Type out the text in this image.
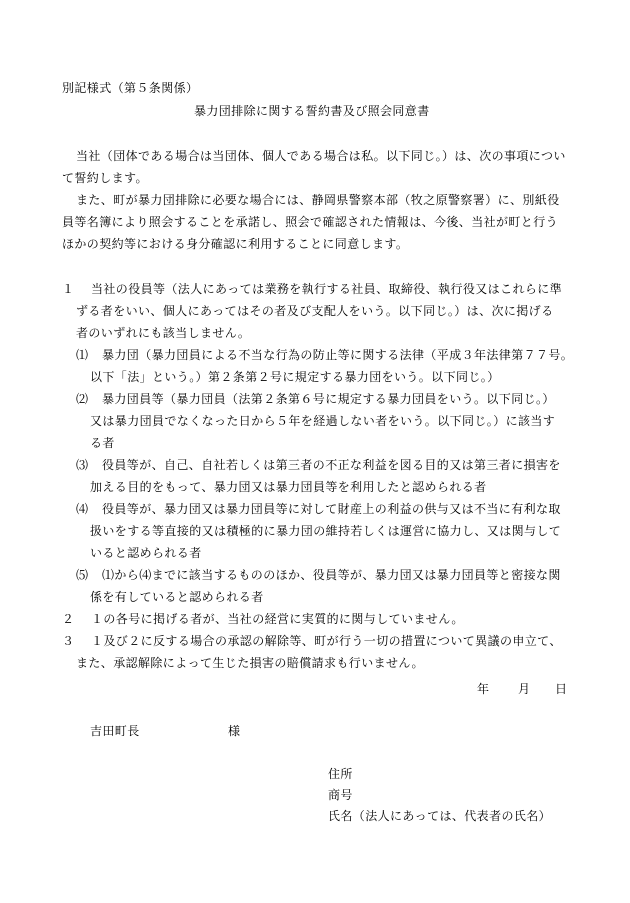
別記様式（第５条関係）
暴力団排除に関する誓約書及び照会同意書
当社（団体である場合は当団体、個人である場合は私。以下同じ。）は、次の事項につい
て誓約します。
また、町が暴力団排除に必要な場合には、静岡県警察本部（牧之原警察署）に、別紙役
員等名簿により照会することを承諾し、照会で確認された情報は、今後、当社が町と行う
ほかの契約等における身分確認に利用することに同意します。
１ 当社の役員等（法人にあっては業務を執行する社員、取締役、執行役又はこれらに準
ずる者をいい、個人にあってはその者及び支配人をいう。以下同じ。）は、次に掲げる
者のいずれにも該当しません。
⑴ 暴力団（暴力団員による不当な行為の防止等に関する法律（平成３年法律第７７号。
以下「法」という。）第２条第２号に規定する暴力団をいう。以下同じ。）
⑵ 暴力団員等（暴力団員（法第２条第６号に規定する暴力団員をいう。以下同じ。）
又は暴力団員でなくなった日から５年を経過しない者をいう。以下同じ。）に該当す
る者
⑶ 役員等が、自己、自社若しくは第三者の不正な利益を図る目的又は第三者に損害を
加える目的をもって、暴力団又は暴力団員等を利用したと認められる者
⑷ 役員等が、暴力団又は暴力団員等に対して財産上の利益の供与又は不当に有利な取
扱いをする等直接的又は積極的に暴力団の維持若しくは運営に協力し、又は関与して
いると認められる者
⑸ ⑴から⑷までに該当するもののほか、役員等が、暴力団又は暴力団員等と密接な関
係を有していると認められる者
２ １の各号に掲げる者が、当社の経営に実質的に関与していません。
３ １及び２に反する場合の承認の解除等、町が行う一切の措置について異議の申立て、
また、承認解除によって生じた損害の賠償請求も行いません。
年 月 日
吉田町長	様
住所
商号
氏名（法人にあっては、代表者の氏名）
